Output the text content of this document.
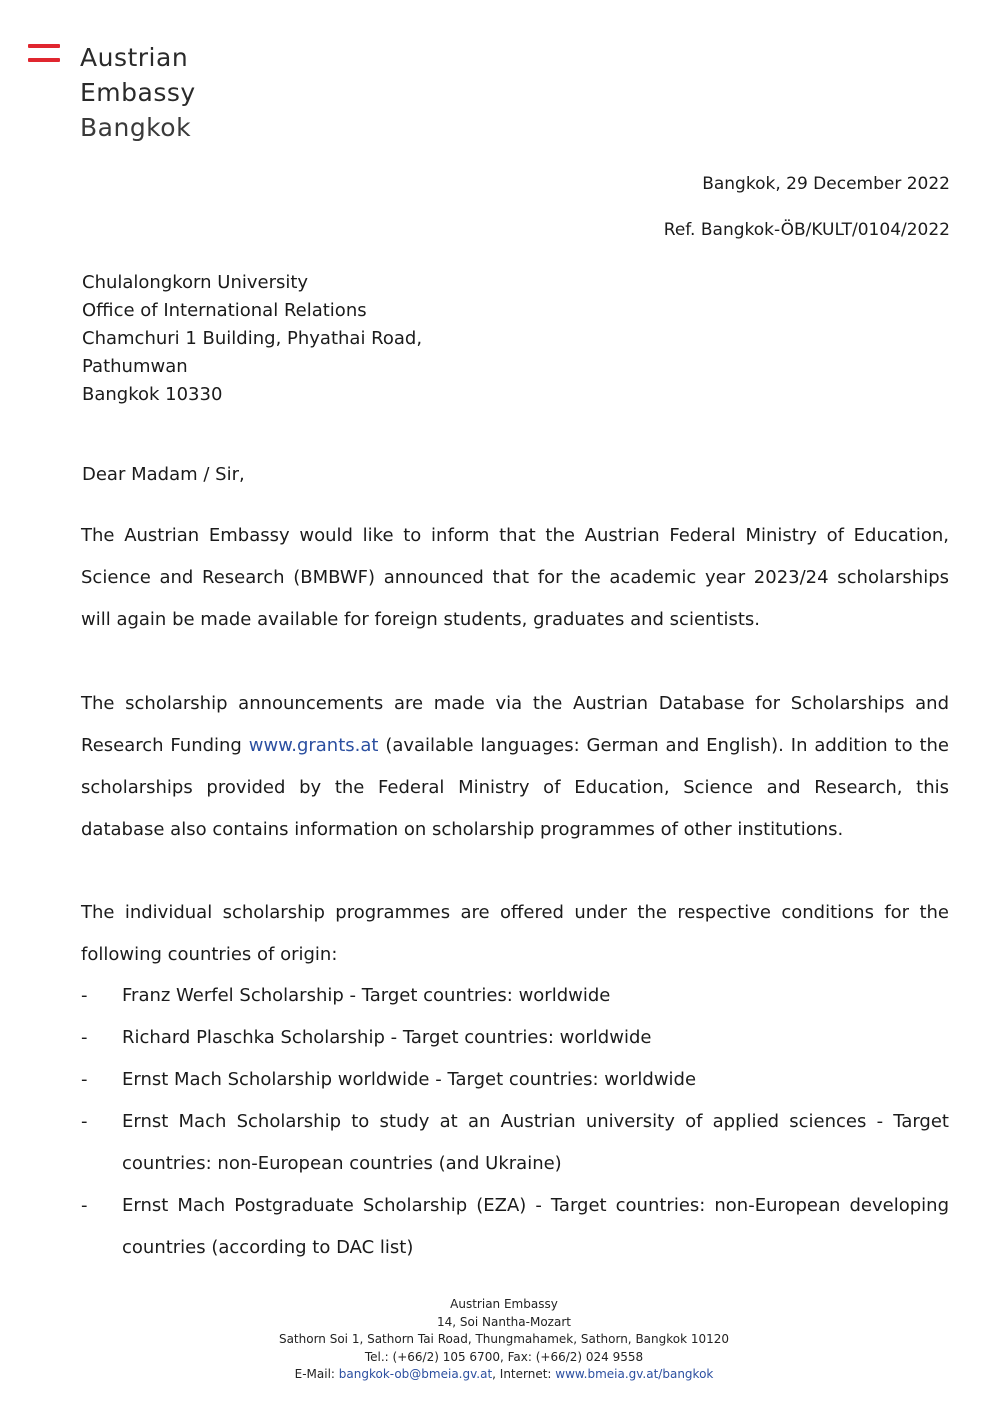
Austrian
Embassy
Bangkok
Bangkok, 29 December 2022
Ref. Bangkok-ÖB/KULT/0104/2022
Chulalongkorn University
Office of International Relations
Chamchuri 1 Building, Phyathai Road,
Pathumwan
Bangkok 10330
Dear Madam / Sir,

The Austrian Embassy would like to inform that the Austrian Federal Ministry of Education, Science and Research (BMBWF) announced that for the academic year 2023/24 scholarships will again be made available for foreign students, graduates and scientists.

The scholarship announcements are made via the Austrian Database for Scholarships and Research Funding www.grants.at (available languages: German and English). In addition to the scholarships provided by the Federal Ministry of Education, Science and Research, this database also contains information on scholarship programmes of other institutions.

The individual scholarship programmes are offered under the respective conditions for the following countries of origin:

- Franz Werfel Scholarship - Target countries: worldwide
- Richard Plaschka Scholarship - Target countries: worldwide
- Ernst Mach Scholarship worldwide - Target countries: worldwide
- Ernst Mach Scholarship to study at an Austrian university of applied sciences - Target countries: non-European countries (and Ukraine)
- Ernst Mach Postgraduate Scholarship (EZA) - Target countries: non-European developing countries (according to DAC list)
Austrian Embassy
14, Soi Nantha-Mozart
Sathorn Soi 1, Sathorn Tai Road, Thungmahamek, Sathorn, Bangkok 10120
Tel.: (+66/2) 105 6700, Fax: (+66/2) 024 9558
E-Mail: bangkok-ob@bmeia.gv.at, Internet: www.bmeia.gv.at/bangkok
